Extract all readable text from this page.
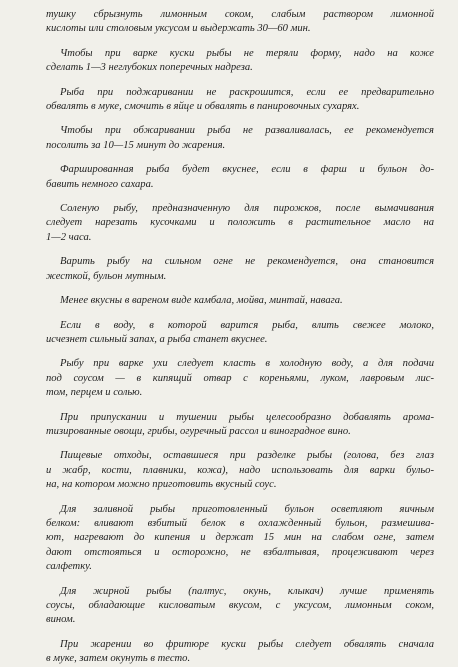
тушку сбрызнуть лимонным соком, слабым раствором лимонной
кислоты или столовым уксусом и выдержать 30—60 мин.
Чтобы при варке куски рыбы не теряли форму, надо на коже
сделать 1—3 неглубоких поперечных надреза.
Рыба при поджаривании не раскрошится, если ее предварительно
обвалять в муке, смочить в яйце и обвалять в панировочных сухарях.
Чтобы при обжаривании рыба не разваливалась, ее рекомендуется
посолить за 10—15 минут до жарения.
Фаршированная рыба будет вкуснее, если в фарш и бульон до-
бавить немного сахара.
Соленую рыбу, предназначенную для пирожков, после вымачивания
следует нарезать кусочками и положить в растительное масло на
1—2 часа.
Варить рыбу на сильном огне не рекомендуется, она становится
жесткой, бульон мутным.
Менее вкусны в вареном виде камбала, мойва, минтай, навага.
Если в воду, в которой варится рыба, влить свежее молоко,
исчезнет сильный запах, а рыба станет вкуснее.
Рыбу при варке ухи следует класть в холодную воду, а для подачи
под соусом — в кипящий отвар с кореньями, луком, лавровым лис-
том, перцем и солью.
При припускании и тушении рыбы целесообразно добавлять арома-
тизированные овощи, грибы, огуречный рассол и виноградное вино.
Пищевые отходы, оставшиеся при разделке рыбы (голова, без глаз
и жабр, кости, плавники, кожа), надо использовать для варки бульо-
на, на котором можно приготовить вкусный соус.
Для заливной рыбы приготовленный бульон осветляют яичным
белком: вливают взбитый белок в охлажденный бульон, размешива-
ют, нагревают до кипения и держат 15 мин на слабом огне, затем
дают отстояться и осторожно, не взбалтывая, процеживают через
салфетку.
Для жирной рыбы (палтус, окунь, клыкач) лучше применять
соусы, обладающие кисловатым вкусом, с уксусом, лимонным соком,
вином.
При жарении во фритюре куски рыбы следует обвалять сначала
в муке, затем окунуть в тесто.
